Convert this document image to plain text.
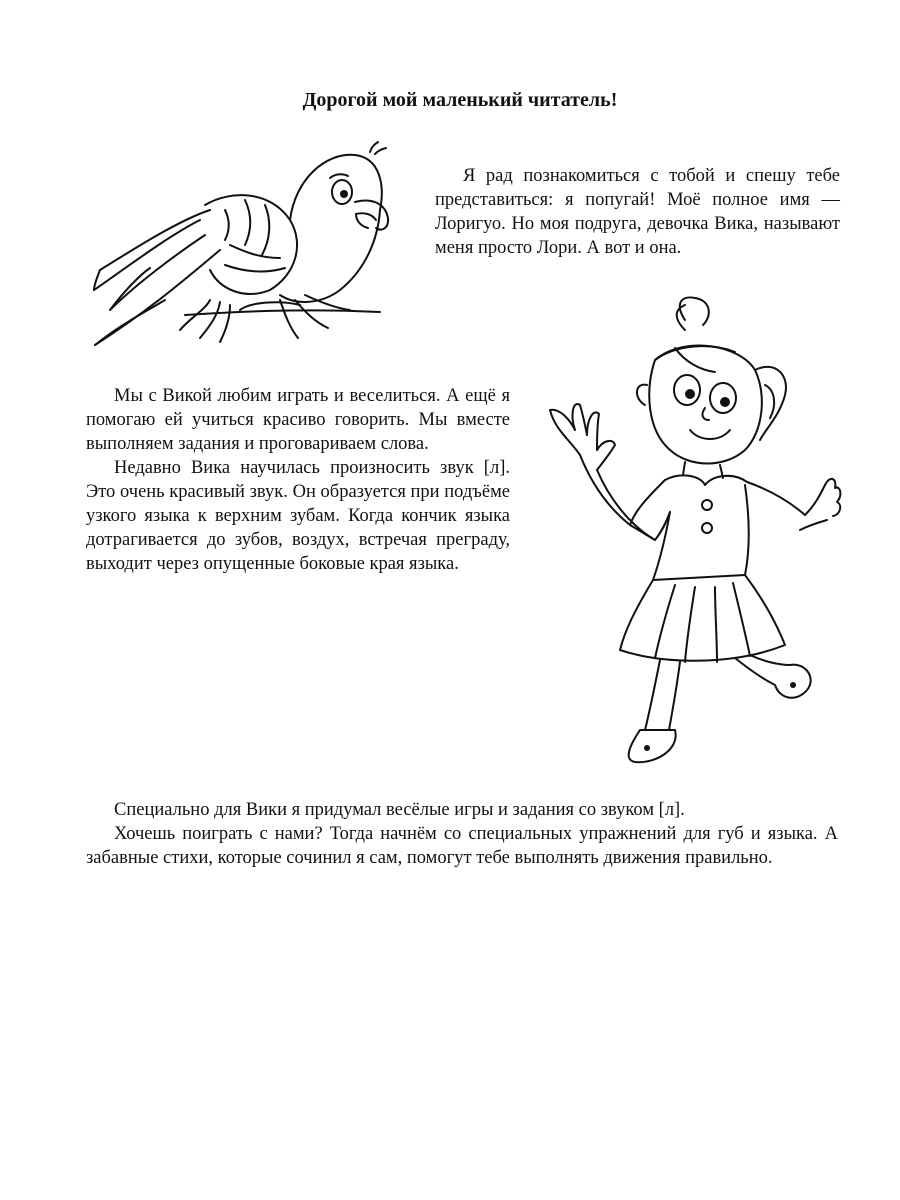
Дорогой мой маленький читатель!

Я рад познакомиться с тобой и спешу тебе представиться: я попугай! Моё полное имя — Лоригуо. Но моя подруга, девочка Вика, называют меня просто Лори. А вот и она.

Мы с Викой любим играть и веселиться. А ещё я помогаю ей учиться красиво говорить. Мы вместе выполняем задания и проговариваем слова.

Недавно Вика научилась произносить звук [л]. Это очень красивый звук. Он образуется при подъёме узкого языка к верхним зубам. Когда кончик языка дотрагивается до зубов, воздух, встречая преграду, выходит через опущенные боковые края языка.

Специально для Вики я придумал весёлые игры и задания со звуком [л].

Хочешь поиграть с нами? Тогда начнём со специальных упражнений для губ и языка. А забавные стихи, которые сочинил я сам, помогут тебе выполнять движения правильно.
